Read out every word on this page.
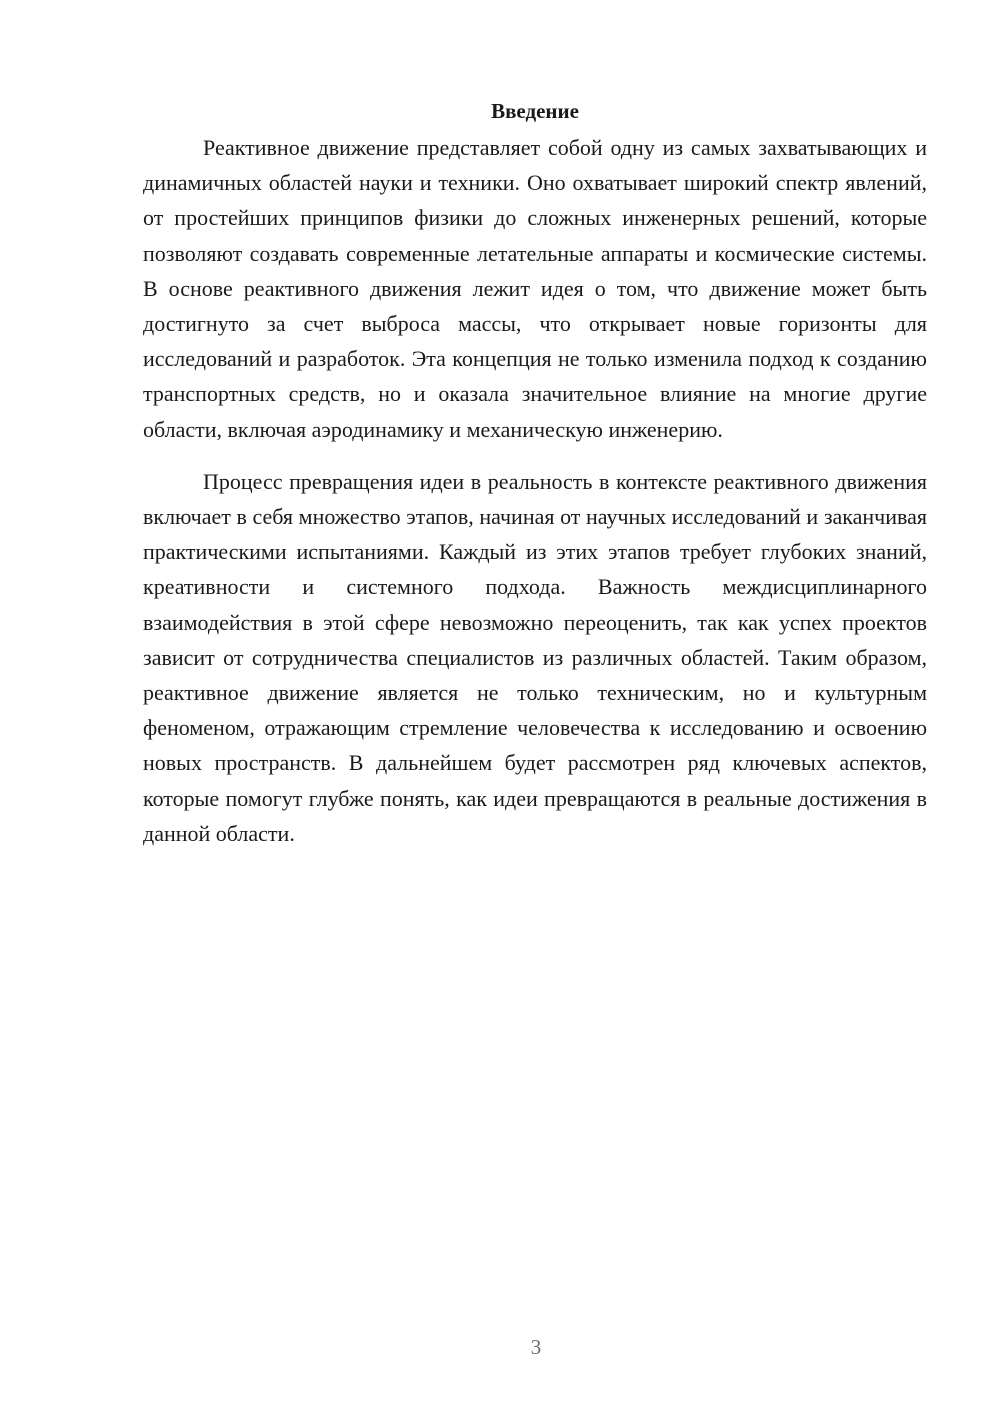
Введение

Реактивное движение представляет собой одну из самых захватывающих и динамичных областей науки и техники. Оно охватывает широкий спектр явлений, от простейших принципов физики до сложных инженерных решений, которые позволяют создавать современные летательные аппараты и космические системы. В основе реактивного движения лежит идея о том, что движение может быть достигнуто за счет выброса массы, что открывает новые горизонты для исследований и разработок. Эта концепция не только изменила подход к созданию транспортных средств, но и оказала значительное влияние на многие другие области, включая аэродинамику и механическую инженерию.

Процесс превращения идеи в реальность в контексте реактивного движения включает в себя множество этапов, начиная от научных исследований и заканчивая практическими испытаниями. Каждый из этих этапов требует глубоких знаний, креативности и системного подхода. Важность междисциплинарного взаимодействия в этой сфере невозможно переоценить, так как успех проектов зависит от сотрудничества специалистов из различных областей. Таким образом, реактивное движение является не только техническим, но и культурным феноменом, отражающим стремление человечества к исследованию и освоению новых пространств. В дальнейшем будет рассмотрен ряд ключевых аспектов, которые помогут глубже понять, как идеи превращаются в реальные достижения в данной области.

3
